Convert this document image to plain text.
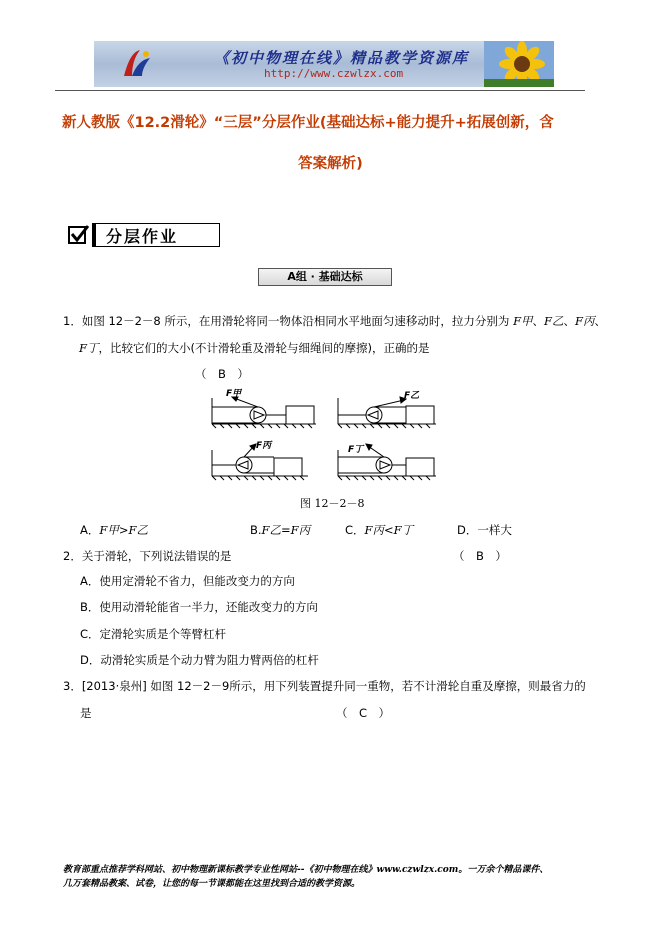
《初中物理在线》精品教学资源库
http://www.czwlzx.com
新人教版《12.2滑轮》“三层”分层作业(基础达标+能力提升+拓展创新，含
答案解析)
分层作业
A组 · 基础达标
1．如图 12－2－8 所示，在用滑轮将同一物体沿相同水平地面匀速移动时，拉力分别为 F甲、F乙、F丙、
F丁，比较它们的大小(不计滑轮重及滑轮与细绳间的摩擦)，正确的是
（　B　）
F甲	F乙
F丙	F丁
图 12－2－8
A．F甲>F乙	B.F乙=F丙	C．F丙<F丁	D．一样大
2．关于滑轮，下列说法错误的是	（　B　）
A．使用定滑轮不省力，但能改变力的方向
B．使用动滑轮能省一半力，还能改变力的方向
C．定滑轮实质是个等臂杠杆
D．动滑轮实质是个动力臂为阻力臂两倍的杠杆
3．[2013·泉州] 如图 12－2－9所示，用下列装置提升同一重物，若不计滑轮自重及摩擦，则最省力的
是	（　C　）
教育部重点推荐学科网站、初中物理新课标教学专业性网站--《初中物理在线》www.czwlzx.com。一万余个精品课件、
几万套精品教案、试卷，让您的每一节课都能在这里找到合适的教学资源。
